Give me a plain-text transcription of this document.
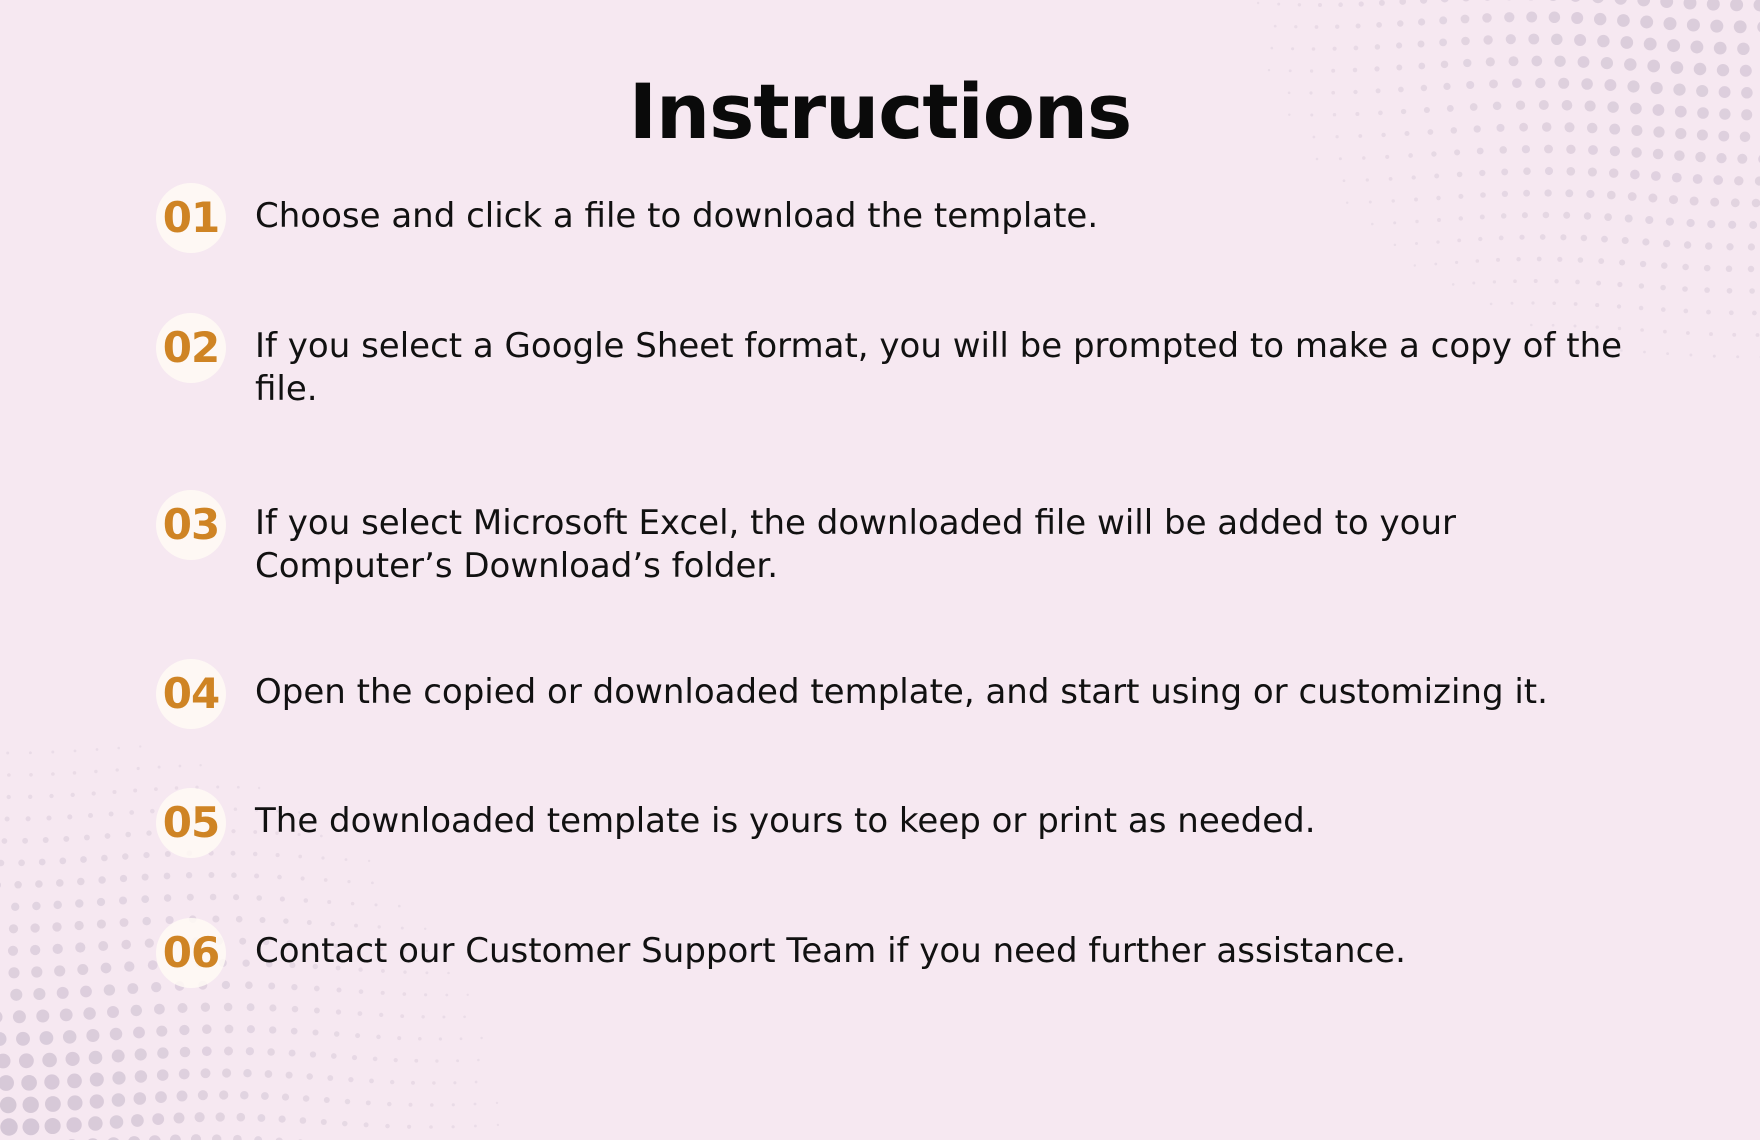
Instructions
01 Choose and click a file to download the template.

02 If you select a Google Sheet format, you will be prompted to make a copy of the file.

03 If you select Microsoft Excel, the downloaded file will be added to your Computer’s Download’s folder.

04 Open the copied or downloaded template, and start using or customizing it.

05 The downloaded template is yours to keep or print as needed.

06 Contact our Customer Support Team if you need further assistance.
